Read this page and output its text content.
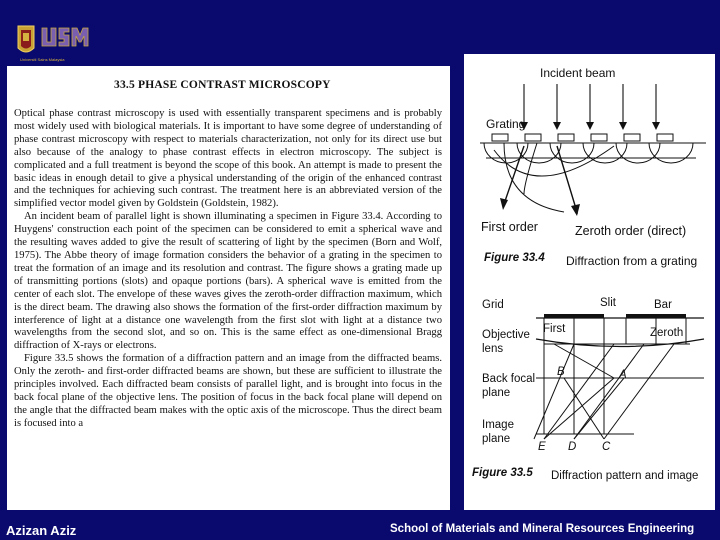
Universiti Sains Malaysia
33.5 PHASE CONTRAST MICROSCOPY

Optical phase contrast microscopy is used with essentially transparent specimens and is probably most widely used with biological materials. It is important to have some degree of understanding of phase contrast microscopy with respect to materials characterization, not only for its direct use but also because of the analogy to phase contrast effects in electron microscopy. The subject is complicated and a full treatment is beyond the scope of this book. An attempt is made to present the basic ideas in enough detail to give a physical understanding of the origin of the enhanced contrast and the techniques for achieving such contrast. The treatment here is an abbreviated version of the simplified vector model given by Goldstein (Goldstein, 1982).

An incident beam of parallel light is shown illuminating a specimen in Figure 33.4. According to Huygens' construction each point of the specimen can be considered to emit a spherical wave and the resulting waves added to give the result of scattering of light by the specimen (Born and Wolf, 1975). The Abbe theory of image formation considers the behavior of a grating in the specimen to treat the formation of an image and its resolution and contrast. The figure shows a grating made up of transmitting portions (slots) and opaque portions (bars). A spherical wave is emitted from the center of each slot. The envelope of these waves gives the zeroth-order diffraction maximum, which is the direct beam. The drawing also shows the formation of the first-order diffraction maximum by interference of light at a distance one wavelength from the first slot with light at a distance two wavelengths from the second slot, and so on. This is the same effect as one-dimensional Bragg diffraction of X-rays or electrons.

Figure 33.5 shows the formation of a diffraction pattern and an image from the diffracted beams. Only the zeroth- and first-order diffracted beams are shown, but these are sufficient to illustrate the principles involved. Each diffracted beam consists of parallel light, and is brought into focus in the back focal plane of the objective lens. The position of focus in the back focal plane will depend on the angle that the diffracted beam makes with the optic axis of the microscope. Thus the direct beam is focused into a

Incident beam
Grating
First order	Zeroth order (direct)
Figure 33.4 Diffraction from a grating
Grid	Slit	Bar
First	Zeroth
Objective
lens
Back focal
plane
B	A
Image
plane
E D C
Figure 33.5 Diffraction pattern and image
Azizan Aziz	School of Materials and Mineral Resources Engineering
